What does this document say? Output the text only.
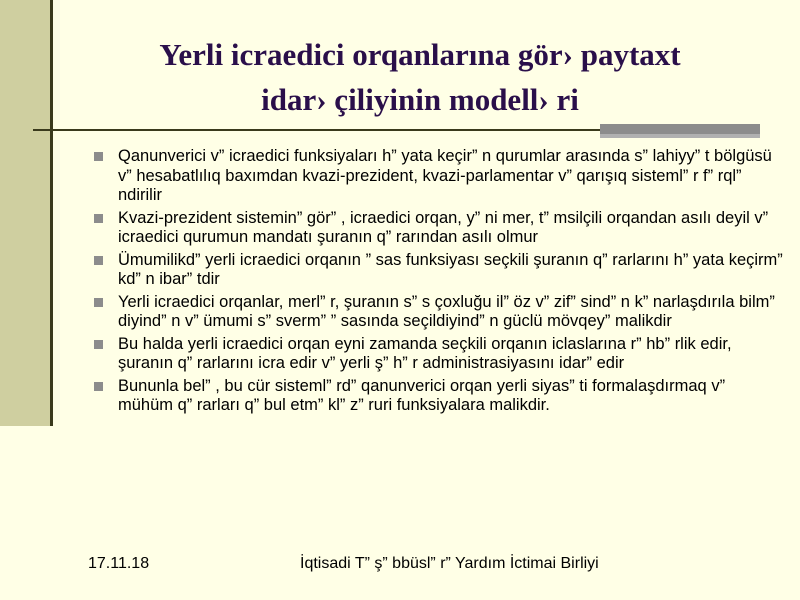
Yerli icraedici orqanlarına gör› paytaxt
idar› çiliyinin modell› ri
Qanunverici v” icraedici funksiyaları h” yata keçir” n qurumlar arasında s” lahiyy” t bölgüsü v” hesabatlılıq baxımdan kvazi-prezident, kvazi-parlamentar v” qarışıq sisteml” r f” rql” ndirilir
Kvazi-prezident sistemin” gör” , icraedici orqan, y” ni mer, t” msilçili orqandan asılı deyil v” icraedici qurumun mandatı şuranın q” rarından asılı olmur
Ümumilikd” yerli icraedici orqanın ” sas funksiyası seçkili şuranın q” rarlarını h” yata keçirm” kd” n ibar” tdir
Yerli icraedici orqanlar, merl” r, şuranın s” s çoxluğu il” öz v” zif” sind” n k” narlaşdırıla bilm” diyind” n v” ümumi s” sverm” ” sasında seçildiyind” n güclü mövqey” malikdir
Bu halda yerli icraedici orqan eyni zamanda seçkili orqanın iclaslarına r” hb” rlik edir, şuranın q” rarlarını icra edir v” yerli ş” h” r administrasiyasını idar” edir
Bununla bel” , bu cür sisteml” rd” qanunverici orqan yerli siyas” ti formalaşdırmaq v” mühüm q” rarları q” bul etm” kl” z” ruri funksiyalara malikdir.
17.11.18	İqtisadi T” ş” bbüsl” r” Yardım İctimai Birliyi
